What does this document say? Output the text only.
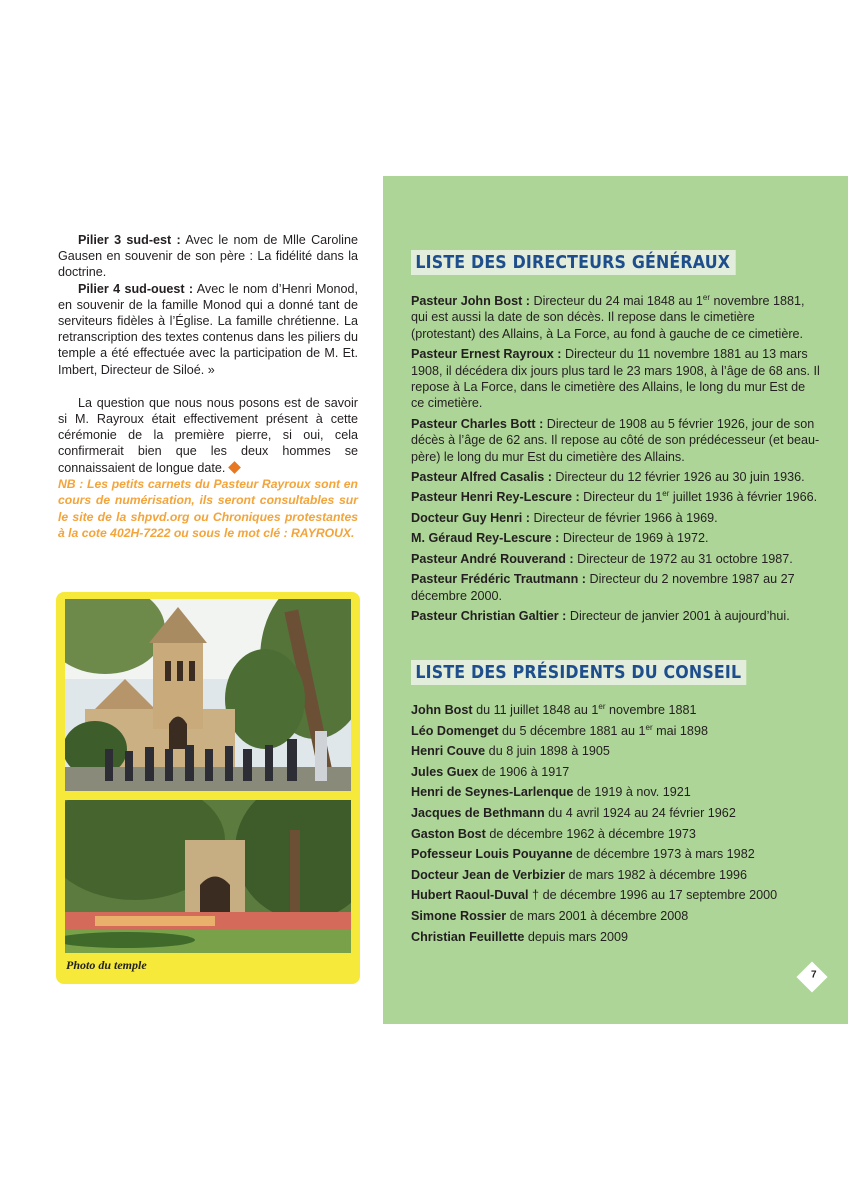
Pilier 3 sud-est : Avec le nom de Mlle Caroline Gausen en souvenir de son père : La fidélité dans la doctrine.

Pilier 4 sud-ouest : Avec le nom d’Henri Monod, en souvenir de la famille Monod qui a donné tant de serviteurs fidèles à l’Église. La famille chrétienne. La retranscription des textes contenus dans les piliers du temple a été effectuée avec la participation de M. Et. Imbert, Directeur de Siloé. »

La question que nous nous posons est de savoir si M. Rayroux était effectivement présent à cette cérémonie de la première pierre, si oui, cela confirmerait bien que les deux hommes se connaissaient de longue date.

NB : Les petits carnets du Pasteur Rayroux sont en cours de numérisation, ils seront consultables sur le site de la shpvd.org ou Chroniques protestantes à la cote 402H-7222 ou sous le mot clé : RAYROUX.

Photo du temple
LISTE DES DIRECTEURS GÉNÉRAUX
Pasteur John Bost : Directeur du 24 mai 1848 au 1er novembre 1881, qui est aussi la date de son décès. Il repose dans le cimetière (protestant) des Allains, à La Force, au fond à gauche de ce cimetière.
Pasteur Ernest Rayroux : Directeur du 11 novembre 1881 au 13 mars 1908, il décédera dix jours plus tard le 23 mars 1908, à l’âge de 68 ans. Il repose à La Force, dans le cimetière des Allains, le long du mur Est de ce cimetière.
Pasteur Charles Bott : Directeur de 1908 au 5 février 1926, jour de son décès à l’âge de 62 ans. Il repose au côté de son prédécesseur (et beau-père) le long du mur Est du cimetière des Allains.
Pasteur Alfred Casalis : Directeur du 12 février 1926 au 30 juin 1936.
Pasteur Henri Rey-Lescure : Directeur du 1er juillet 1936 à février 1966.
Docteur Guy Henri : Directeur de février 1966 à 1969.
M. Géraud Rey-Lescure : Directeur de 1969 à 1972.
Pasteur André Rouverand : Directeur de 1972 au 31 octobre 1987.
Pasteur Frédéric Trautmann : Directeur du 2 novembre 1987 au 27 décembre 2000.
Pasteur Christian Galtier : Directeur de janvier 2001 à aujourd’hui.
LISTE DES PRÉSIDENTS DU CONSEIL
John Bost du 11 juillet 1848 au 1er novembre 1881
Léo Domenget du 5 décembre 1881 au 1er mai 1898
Henri Couve du 8 juin 1898 à 1905
Jules Guex de 1906 à 1917
Henri de Seynes-Larlenque de 1919 à nov. 1921
Jacques de Bethmann du 4 avril 1924 au 24 février 1962
Gaston Bost de décembre 1962 à décembre 1973
Pofesseur Louis Pouyanne de décembre 1973 à mars 1982
Docteur Jean de Verbizier de mars 1982 à décembre 1996
Hubert Raoul-Duval † de décembre 1996 au 17 septembre 2000
Simone Rossier de mars 2001 à décembre 2008
Christian Feuillette depuis mars 2009
7
